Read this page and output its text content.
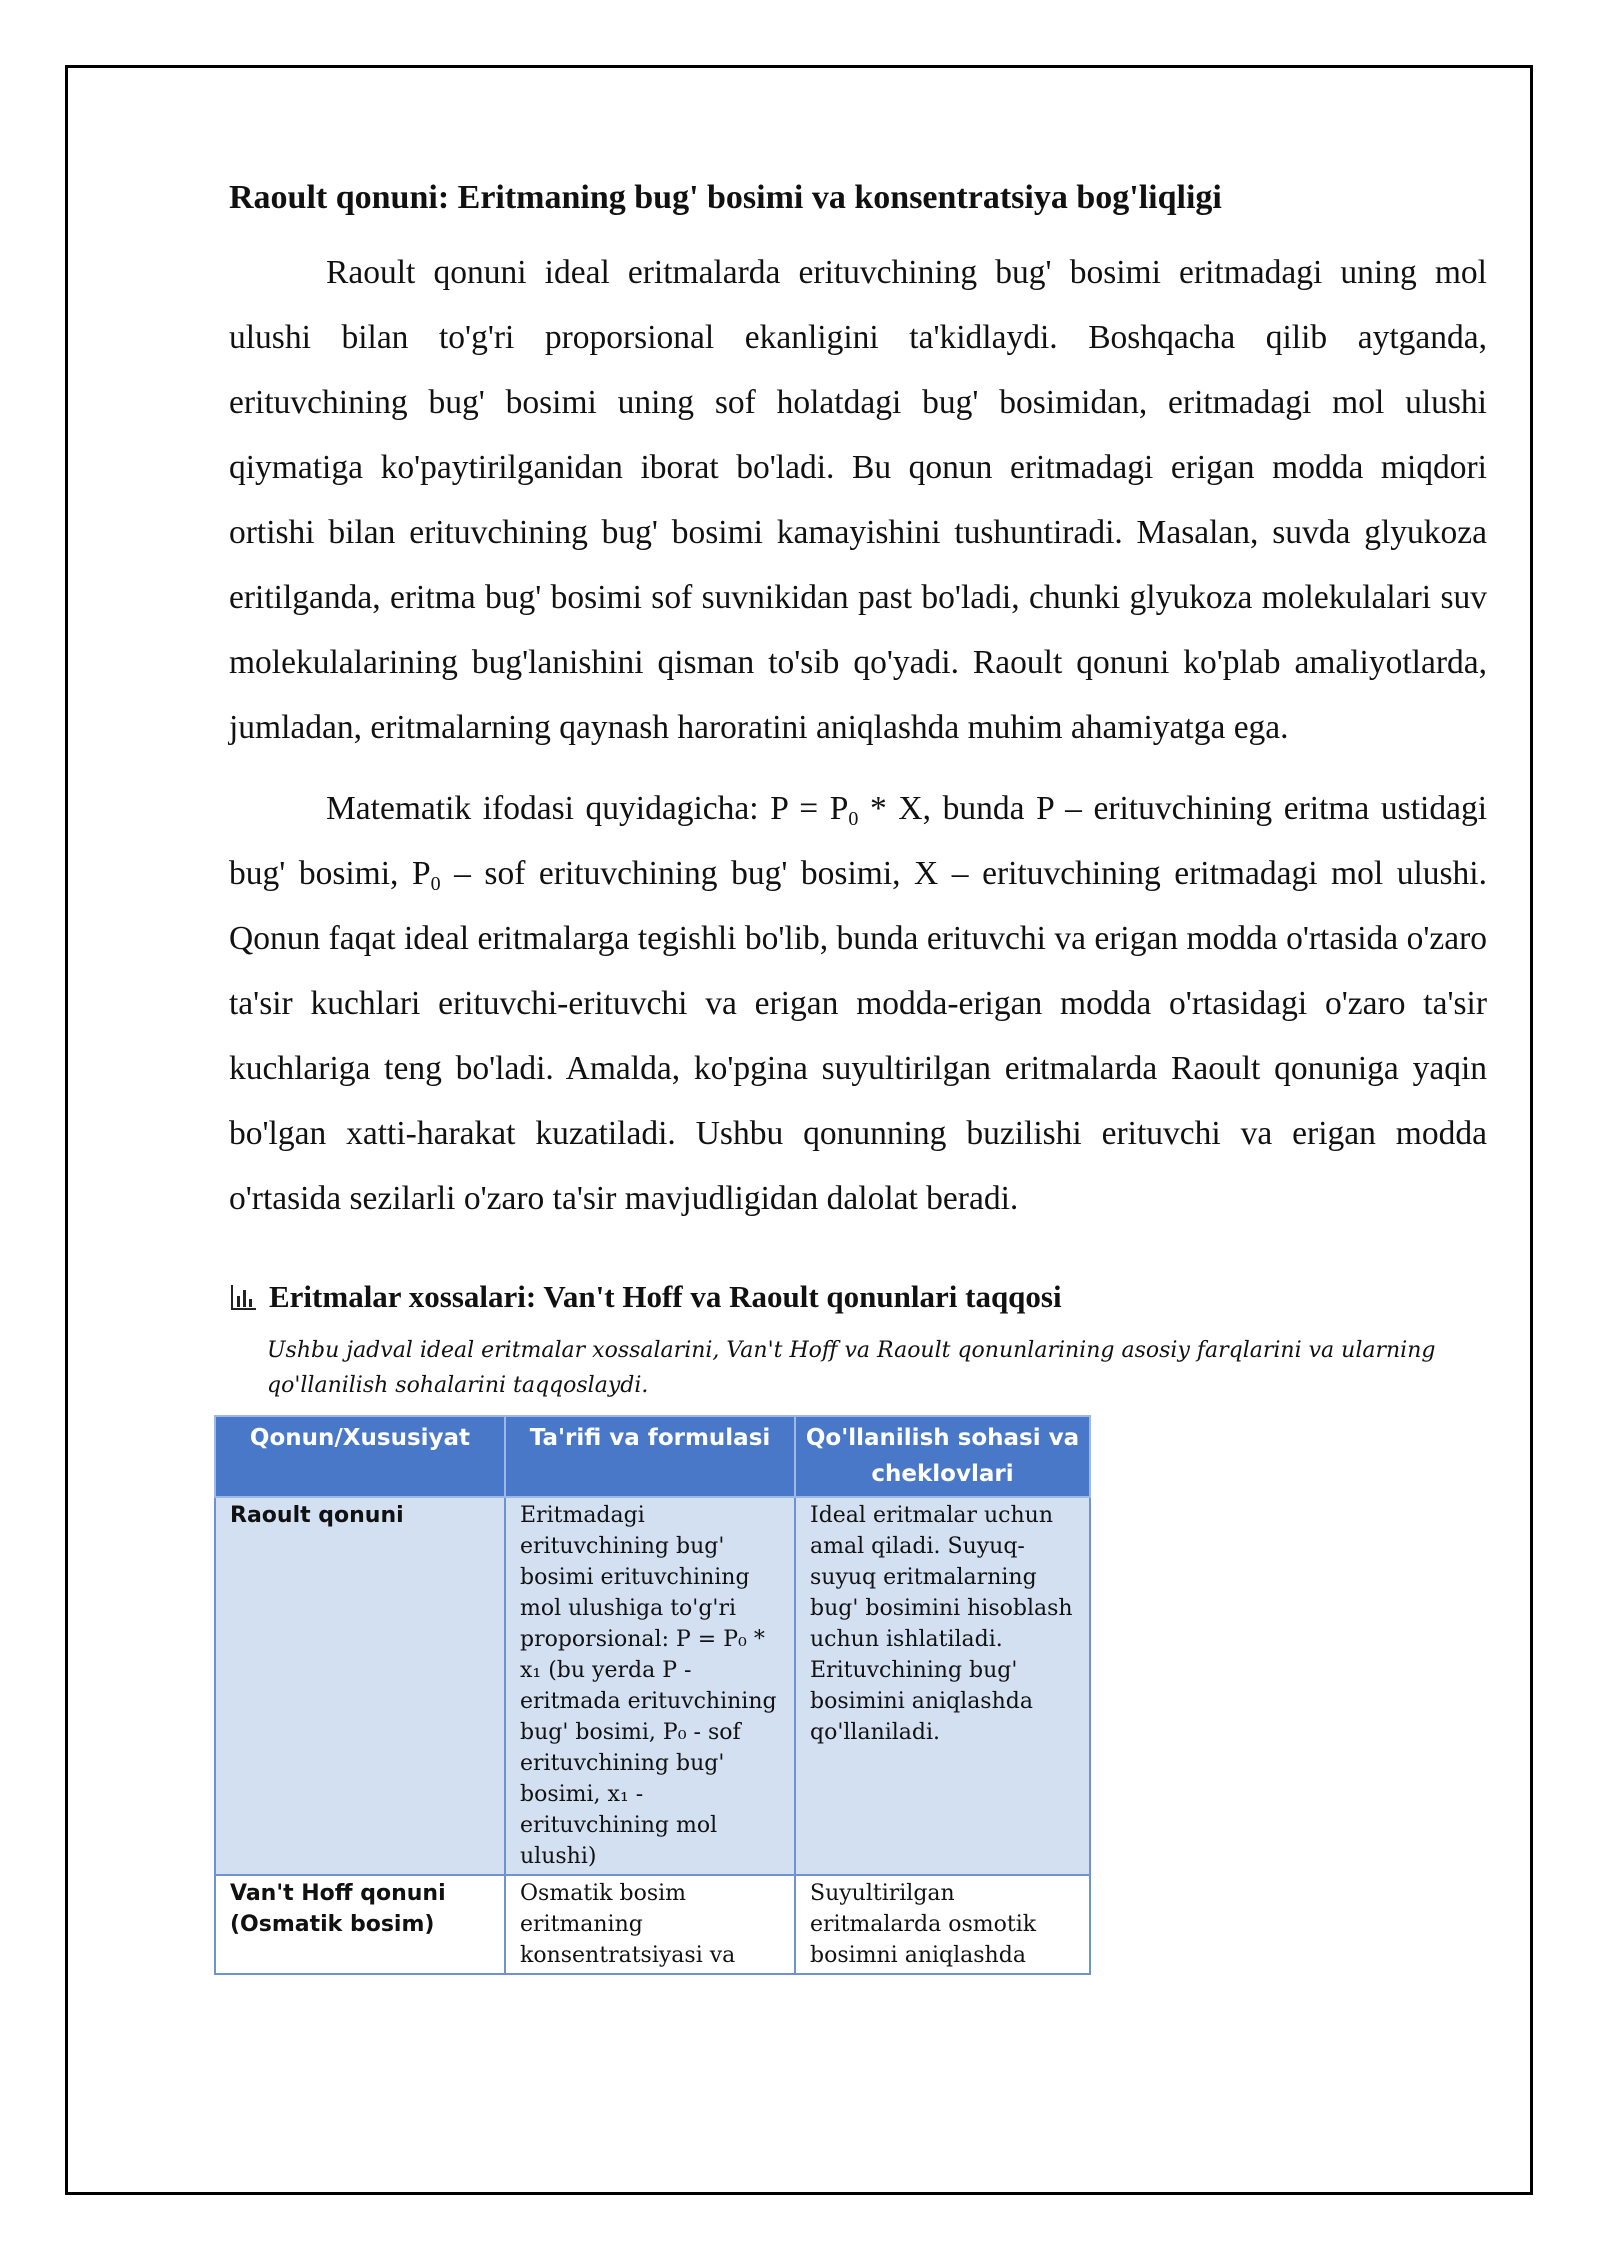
Raoult qonuni: Eritmaning bug' bosimi va konsentratsiya bog'liqligi

Raoult qonuni ideal eritmalarda erituvchining bug' bosimi eritmadagi uning mol ulushi bilan to'g'ri proporsional ekanligini ta'kidlaydi. Boshqacha qilib aytganda, erituvchining bug' bosimi uning sof holatdagi bug' bosimidan, eritmadagi mol ulushi qiymatiga ko'paytirilganidan iborat bo'ladi. Bu qonun eritmadagi erigan modda miqdori ortishi bilan erituvchining bug' bosimi kamayishini tushuntiradi. Masalan, suvda glyukoza eritilganda, eritma bug' bosimi sof suvnikidan past bo'ladi, chunki glyukoza molekulalari suv molekulalarining bug'lanishini qisman to'sib qo'yadi. Raoult qonuni ko'plab amaliyotlarda, jumladan, eritmalarning qaynash haroratini aniqlashda muhim ahamiyatga ega.

Matematik ifodasi quyidagicha: $P = P_0 * X$, bunda P – erituvchining eritma ustidagi bug' bosimi, $P_0$ – sof erituvchining bug' bosimi, X – erituvchining eritmadagi mol ulushi. Qonun faqat ideal eritmalarga tegishli bo'lib, bunda erituvchi va erigan modda o'rtasida o'zaro ta'sir kuchlari erituvchi-erituvchi va erigan modda-erigan modda o'rtasidagi o'zaro ta'sir kuchlariga teng bo'ladi. Amalda, ko'pgina suyultirilgan eritmalarda Raoult qonuniga yaqin bo'lgan xatti-harakat kuzatiladi. Ushbu qonunning buzilishi erituvchi va erigan modda o'rtasida sezilarli o'zaro ta'sir mavjudligidan dalolat beradi.

Eritmalar xossalari: Van't Hoff va Raoult qonunlari taqqosi
Ushbu jadval ideal eritmalar xossalarini, Van't Hoff va Raoult qonunlarining asosiy farqlarini va ularning qo'llanilish sohalarini taqqoslaydi.
Qonun/Xususiyat	Ta'rifi va formulasi	Qo'llanilish sohasi va cheklovlari
Raoult qonuni	Eritmadagi erituvchining bug' bosimi erituvchining mol ulushiga to'g'ri proporsional: P = P₀ * x₁ (bu yerda P - eritmada erituvchining bug' bosimi, P₀ - sof erituvchining bug' bosimi, x₁ - erituvchining mol ulushi)	Ideal eritmalar uchun amal qiladi. Suyuq-suyuq eritmalarning bug' bosimini hisoblash uchun ishlatiladi. Erituvchining bug' bosimini aniqlashda qo'llaniladi.
Van't Hoff qonuni (Osmatik bosim)	Osmatik bosim eritmaning konsentratsiyasi va	Suyultirilgan eritmalarda osmotik bosimni aniqlashda
